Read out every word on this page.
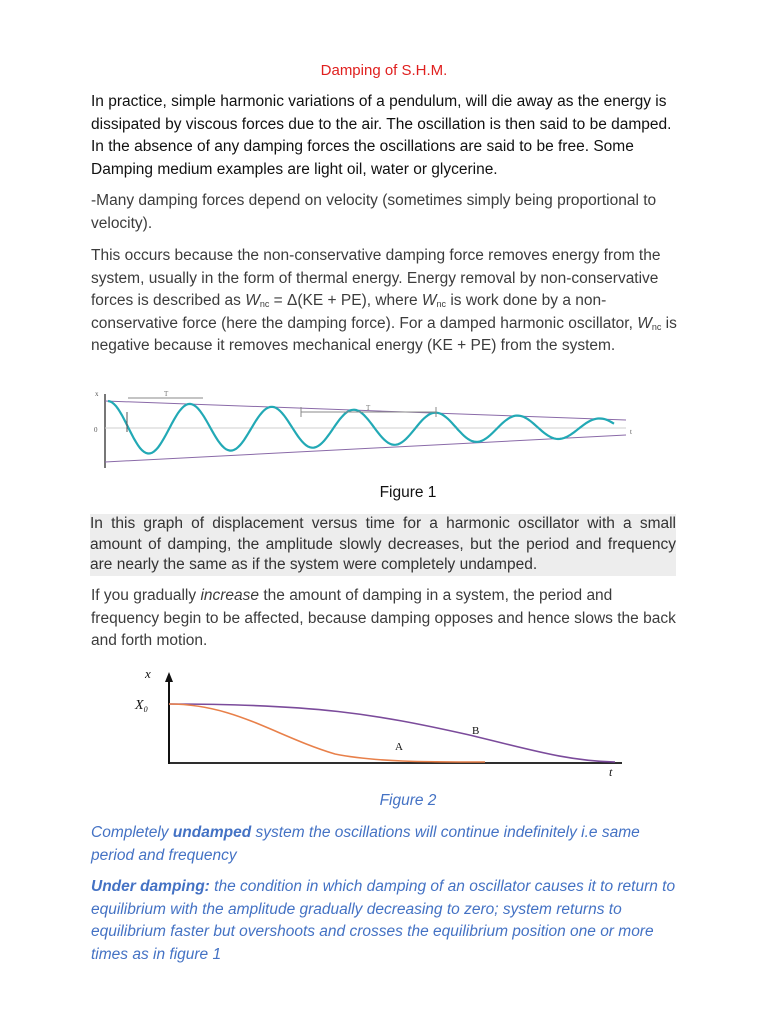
Damping of S.H.M.

In practice, simple harmonic variations of a pendulum, will die away as the energy is dissipated by viscous forces due to the air. The oscillation is then said to be damped. In the absence of any damping forces the oscillations are said to be free. Some Damping medium examples are light oil, water or glycerine.

-Many damping forces depend on velocity (sometimes simply being proportional to velocity).

This occurs because the non-conservative damping force removes energy from the system, usually in the form of thermal energy. Energy removal by non-conservative forces is described as $W_{nc} = \Delta(KE + PE)$, where $W_{nc}$ is work done by a non-conservative force (here the damping force). For a damped harmonic oscillator, $W_{nc}$ is negative because it removes mechanical energy (KE + PE) from the system.

x
0
T
T
t
Figure 1

In this graph of displacement versus time for a harmonic oscillator with a small amount of damping, the amplitude slowly decreases, but the period and frequency are nearly the same as if the system were completely undamped.

If you gradually increase the amount of damping in a system, the period and frequency begin to be affected, because damping opposes and hence slows the back and forth motion.

x
$X_0$
A
B
t
Figure 2

Completely undamped system the oscillations will continue indefinitely i.e same period and frequency

Under damping: the condition in which damping of an oscillator causes it to return to equilibrium with the amplitude gradually decreasing to zero; system returns to equilibrium faster but overshoots and crosses the equilibrium position one or more times as in figure 1
